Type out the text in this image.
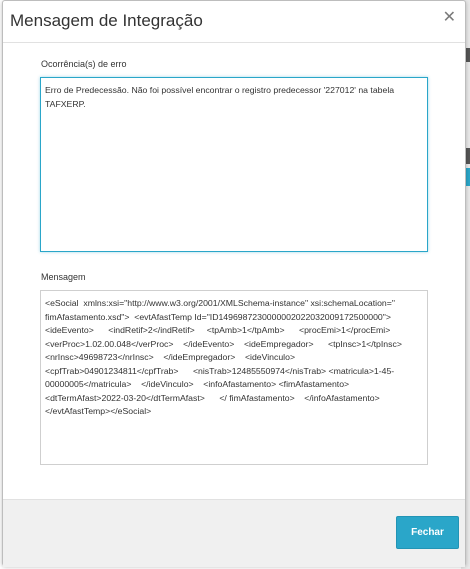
Mensagem de Integração	✕
Ocorrência(s) de erro
Erro de Predecessão. Não foi possível encontrar o registro predecessor '227012' na tabela TAFXERP.
Mensagem
<eSocial  xmlns:xsi="http://www.w3.org/2001/XMLSchema-instance" xsi:schemaLocation=" fimAfastamento.xsd">  <evtAfastTemp Id="ID1496987230000002022032009172500000">    <ideEvento>      <indRetif>2</indRetif>     <tpAmb>1</tpAmb>      <procEmi>1</procEmi> <verProc>1.02.00.048</verProc>    </ideEvento>    <ideEmpregador>      <tpInsc>1</tpInsc>      <nrInsc>49698723</nrInsc>    </ideEmpregador>    <ideVinculo> <cpfTrab>04901234811</cpfTrab>      <nisTrab>12485550974</nisTrab> <matricula>1-45-00000005</matricula>    </ideVinculo>    <infoAfastamento> <fimAfastamento>        <dtTermAfast>2022-03-20</dtTermAfast>      </ fimAfastamento>    </infoAfastamento>  </evtAfastTemp></eSocial>
Fechar
